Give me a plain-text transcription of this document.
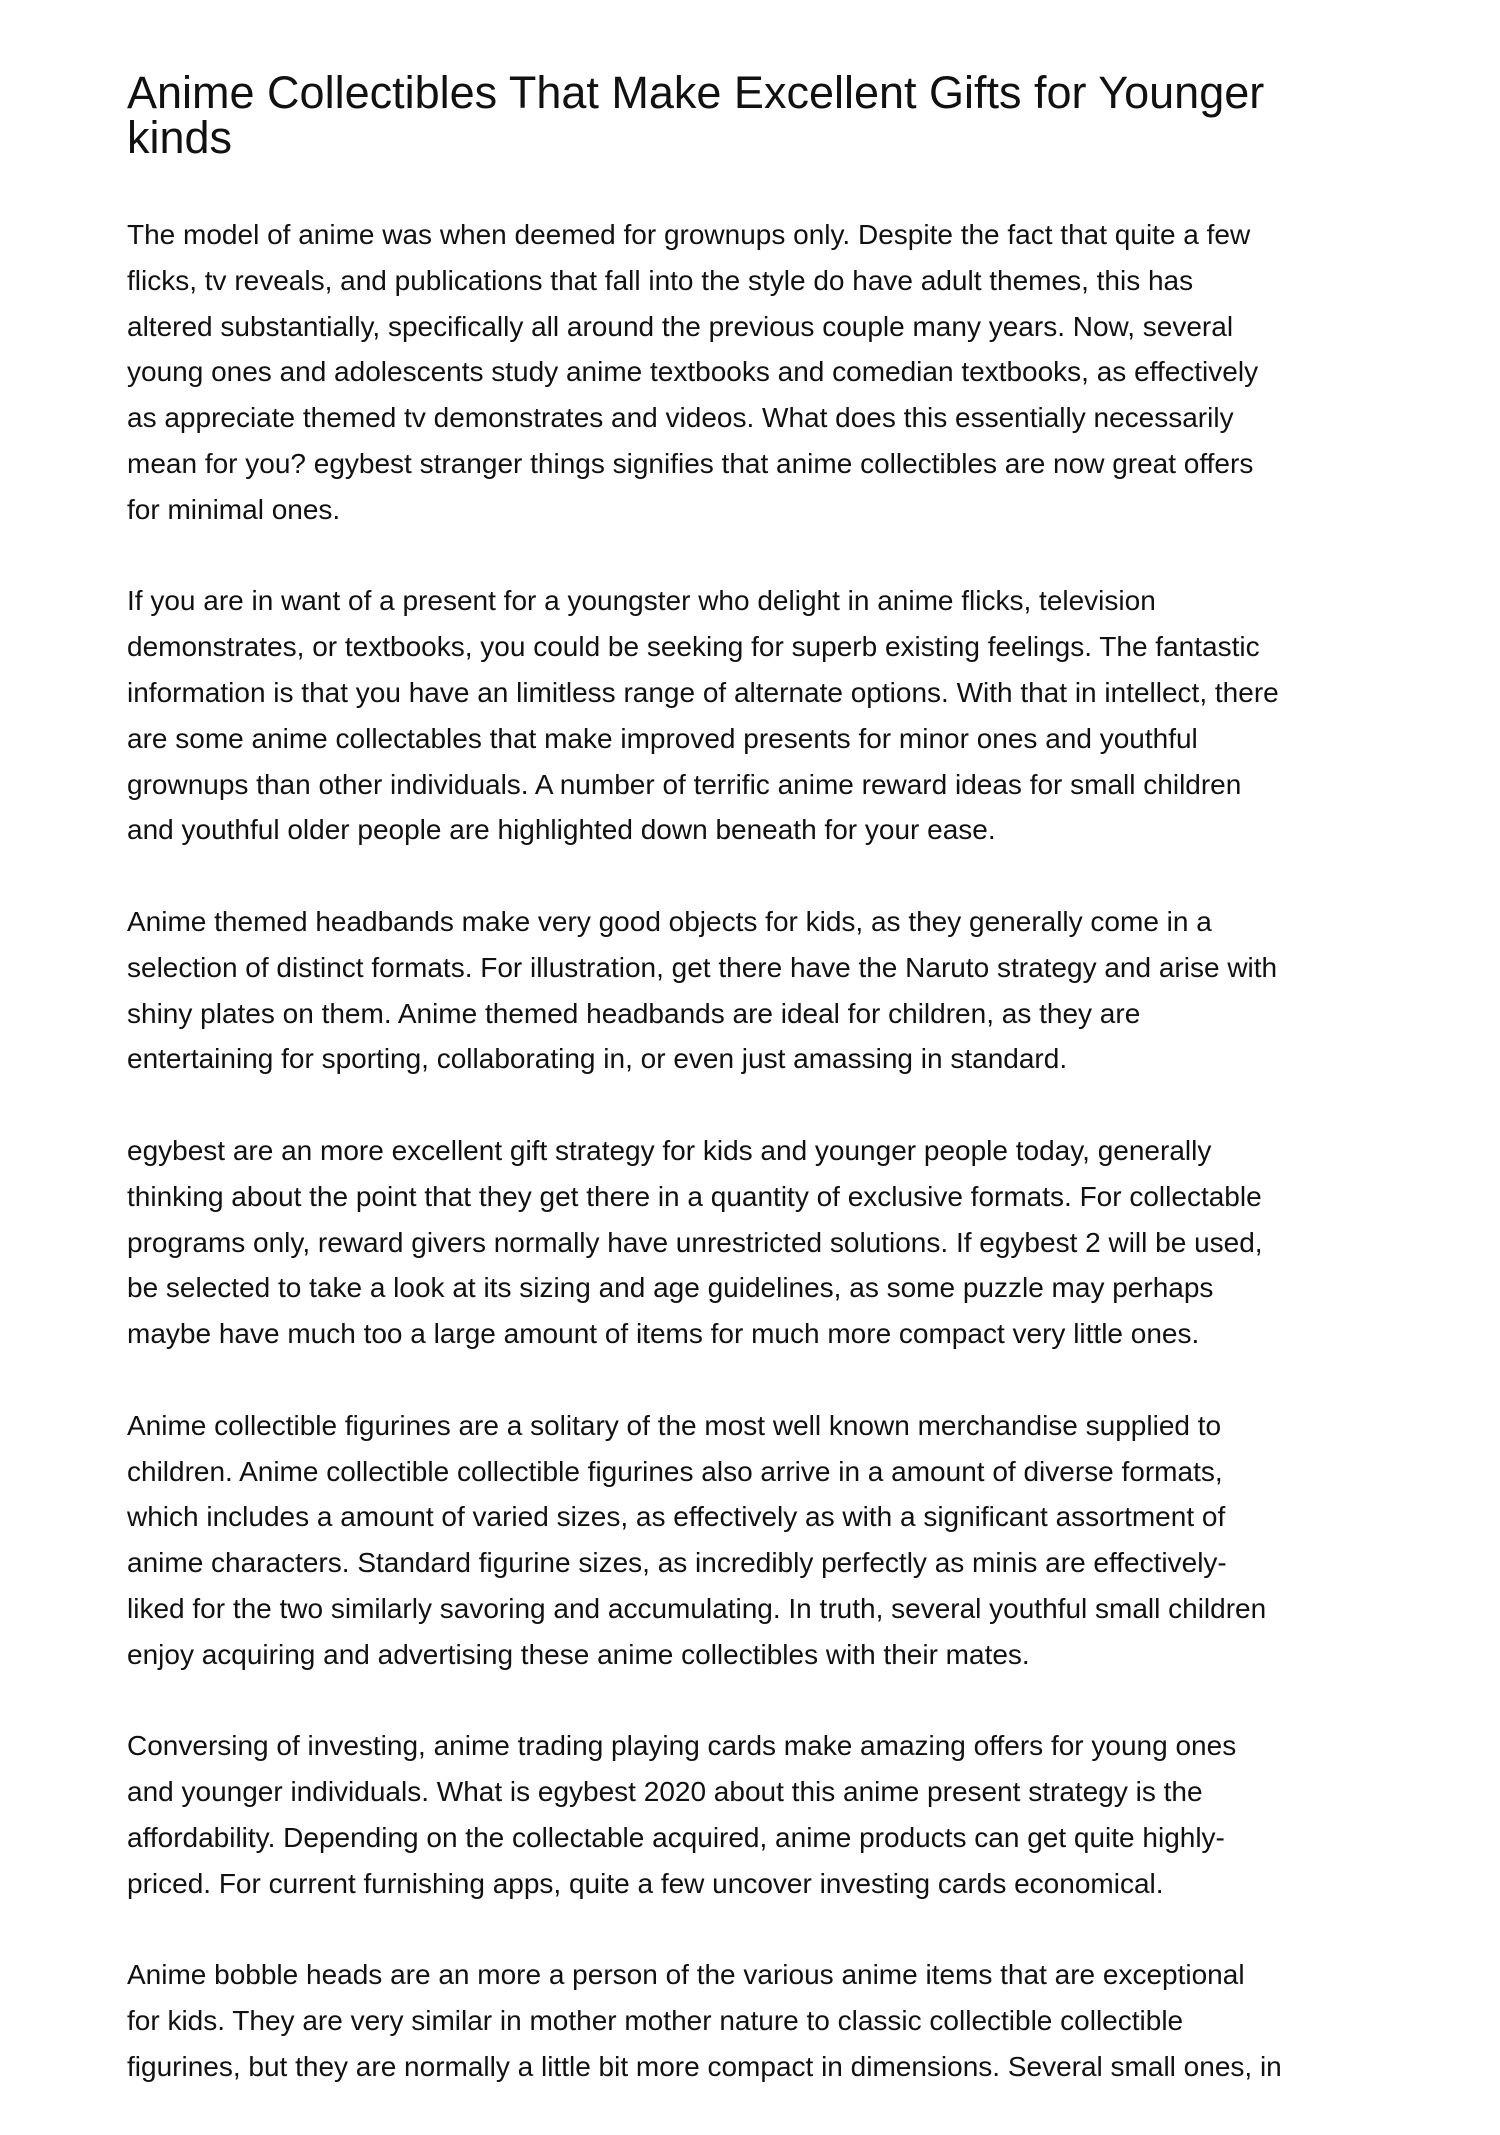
Anime Collectibles That Make Excellent Gifts for Younger
kinds

The model of anime was when deemed for grownups only. Despite the fact that quite a few
flicks, tv reveals, and publications that fall into the style do have adult themes, this has
altered substantially, specifically all around the previous couple many years. Now, several
young ones and adolescents study anime textbooks and comedian textbooks, as effectively
as appreciate themed tv demonstrates and videos. What does this essentially necessarily
mean for you? egybest stranger things signifies that anime collectibles are now great offers
for minimal ones.

If you are in want of a present for a youngster who delight in anime flicks, television
demonstrates, or textbooks, you could be seeking for superb existing feelings. The fantastic
information is that you have an limitless range of alternate options. With that in intellect, there
are some anime collectables that make improved presents for minor ones and youthful
grownups than other individuals. A number of terrific anime reward ideas for small children
and youthful older people are highlighted down beneath for your ease.

Anime themed headbands make very good objects for kids, as they generally come in a
selection of distinct formats. For illustration, get there have the Naruto strategy and arise with
shiny plates on them. Anime themed headbands are ideal for children, as they are
entertaining for sporting, collaborating in, or even just amassing in standard.

egybest are an more excellent gift strategy for kids and younger people today, generally
thinking about the point that they get there in a quantity of exclusive formats. For collectable
programs only, reward givers normally have unrestricted solutions. If egybest 2 will be used,
be selected to take a look at its sizing and age guidelines, as some puzzle may perhaps
maybe have much too a large amount of items for much more compact very little ones.

Anime collectible figurines are a solitary of the most well known merchandise supplied to
children. Anime collectible collectible figurines also arrive in a amount of diverse formats,
which includes a amount of varied sizes, as effectively as with a significant assortment of
anime characters. Standard figurine sizes, as incredibly perfectly as minis are effectively-
liked for the two similarly savoring and accumulating. In truth, several youthful small children
enjoy acquiring and advertising these anime collectibles with their mates.

Conversing of investing, anime trading playing cards make amazing offers for young ones
and younger individuals. What is egybest 2020 about this anime present strategy is the
affordability. Depending on the collectable acquired, anime products can get quite highly-
priced. For current furnishing apps, quite a few uncover investing cards economical.

Anime bobble heads are an more a person of the various anime items that are exceptional
for kids. They are very similar in mother mother nature to classic collectible collectible
figurines, but they are normally a little bit more compact in dimensions. Several small ones, in
